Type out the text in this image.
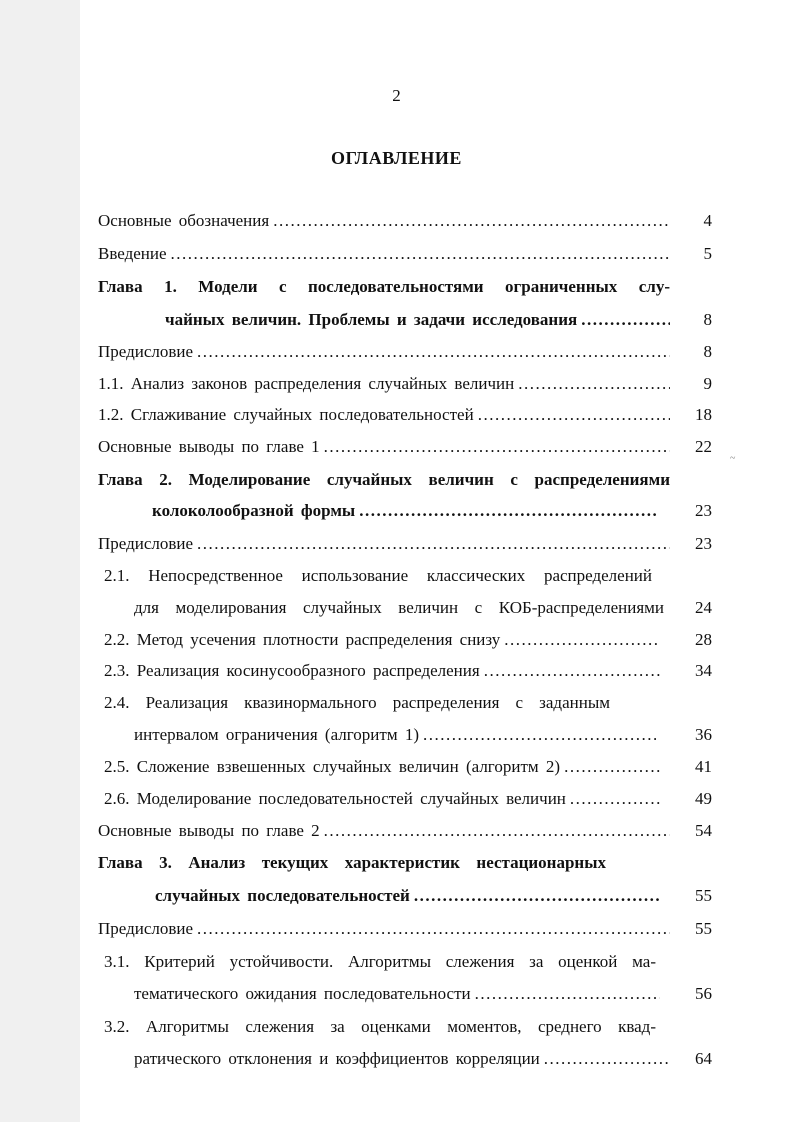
2
ОГЛАВЛЕНИЕ
~
Основные обозначения .....	4
Введение .....	5
Глава 1. Модели с последовательностями ограниченных слу-
чайных величин. Проблемы и задачи исследования .....	8
Предисловие .....	8
1.1. Анализ законов распределения случайных величин .....	9
1.2. Сглаживание случайных последовательностей .....	18
Основные выводы по главе 1 .....	22
Глава 2. Моделирование случайных величин с распределениями
колоколообразной формы .....	23
Предисловие .....	23
2.1. Непосредственное использование классических распределений
для моделирования случайных величин с КОБ-распределениями	24
2.2. Метод усечения плотности распределения снизу .....	28
2.3. Реализация косинусообразного распределения .....	34
2.4. Реализация квазинормального распределения с заданным
интервалом ограничения (алгоритм 1) .....	36
2.5. Сложение взвешенных случайных величин (алгоритм 2) .....	41
2.6. Моделирование последовательностей случайных величин .....	49
Основные выводы по главе 2 .....	54
Глава 3. Анализ текущих характеристик нестационарных
случайных последовательностей .....	55
Предисловие .....	55
3.1. Критерий устойчивости. Алгоритмы слежения за оценкой ма-
тематического ожидания последовательности .....	56
3.2. Алгоритмы слежения за оценками моментов, среднего квад-
ратического отклонения и коэффициентов корреляции .....	64
